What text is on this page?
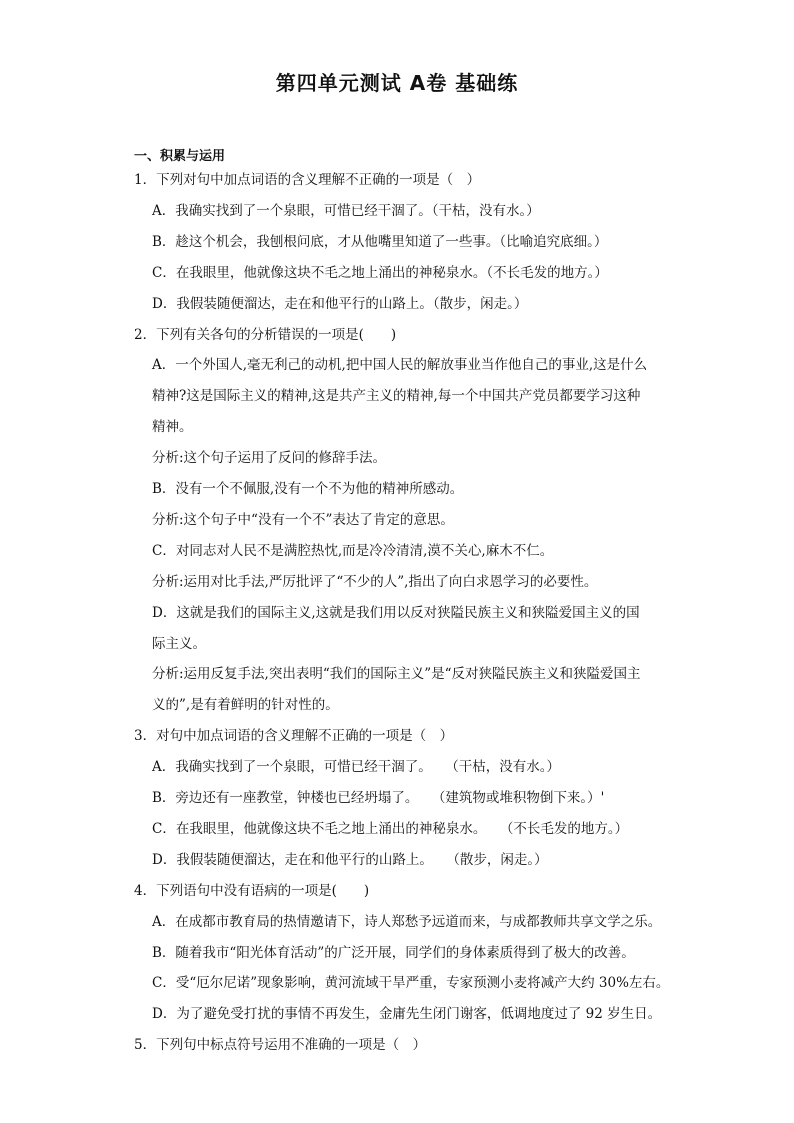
第四单元测试 A卷 基础练
一、积累与运用
1．下列对句中加点词语的含义理解不正确的一项是（　）
A．我确实找到了一个泉眼，可惜已经干涸了。（干枯，没有水。）
B．趁这个机会，我刨根问底，才从他嘴里知道了一些事。（比喻追究底细。）
C．在我眼里，他就像这块不毛之地上涌出的神秘泉水。（不长毛发的地方。）
D．我假装随便溜达，走在和他平行的山路上。（散步，闲走。）
2．下列有关各句的分析错误的一项是(　　)
A．一个外国人,毫无利己的动机,把中国人民的解放事业当作他自己的事业,这是什么
精神?这是国际主义的精神,这是共产主义的精神,每一个中国共产党员都要学习这种
精神。
分析:这个句子运用了反问的修辞手法。
B．没有一个不佩服,没有一个不为他的精神所感动。
分析:这个句子中“没有一个不”表达了肯定的意思。
C．对同志对人民不是满腔热忱,而是冷冷清清,漠不关心,麻木不仁。
分析:运用对比手法,严厉批评了“不少的人”,指出了向白求恩学习的必要性。
D．这就是我们的国际主义,这就是我们用以反对狭隘民族主义和狭隘爱国主义的国
际主义。
分析:运用反复手法,突出表明“我们的国际主义”是“反对狭隘民族主义和狭隘爱国主
义的”,是有着鲜明的针对性的。
3．对句中加点词语的含义理解不正确的一项是（　）
A．我确实找到了一个泉眼，可惜已经干涸了。　　（干枯，没有水。）
B．旁边还有一座教堂，钟楼也已经坍塌了。　　（建筑物或堆积物倒下来。）'
C．在我眼里，他就像这块不毛之地上涌出的神秘泉水。　　（不长毛发的地方。）
D．我假装随便溜达，走在和他平行的山路上。　　（散步，闲走。）
4．下列语句中没有语病的一项是(　　)
A．在成都市教育局的热情邀请下，诗人郑愁予远道而来，与成都教师共享文学之乐。
B．随着我市“阳光体育活动”的广泛开展，同学们的身体素质得到了极大的改善。
C．受“厄尔尼诺”现象影响，黄河流域干旱严重，专家预测小麦将减产大约 30%左右。
D．为了避免受打扰的事情不再发生，金庸先生闭门谢客，低调地度过了 92 岁生日。
5．下列句中标点符号运用不准确的一项是（　）
